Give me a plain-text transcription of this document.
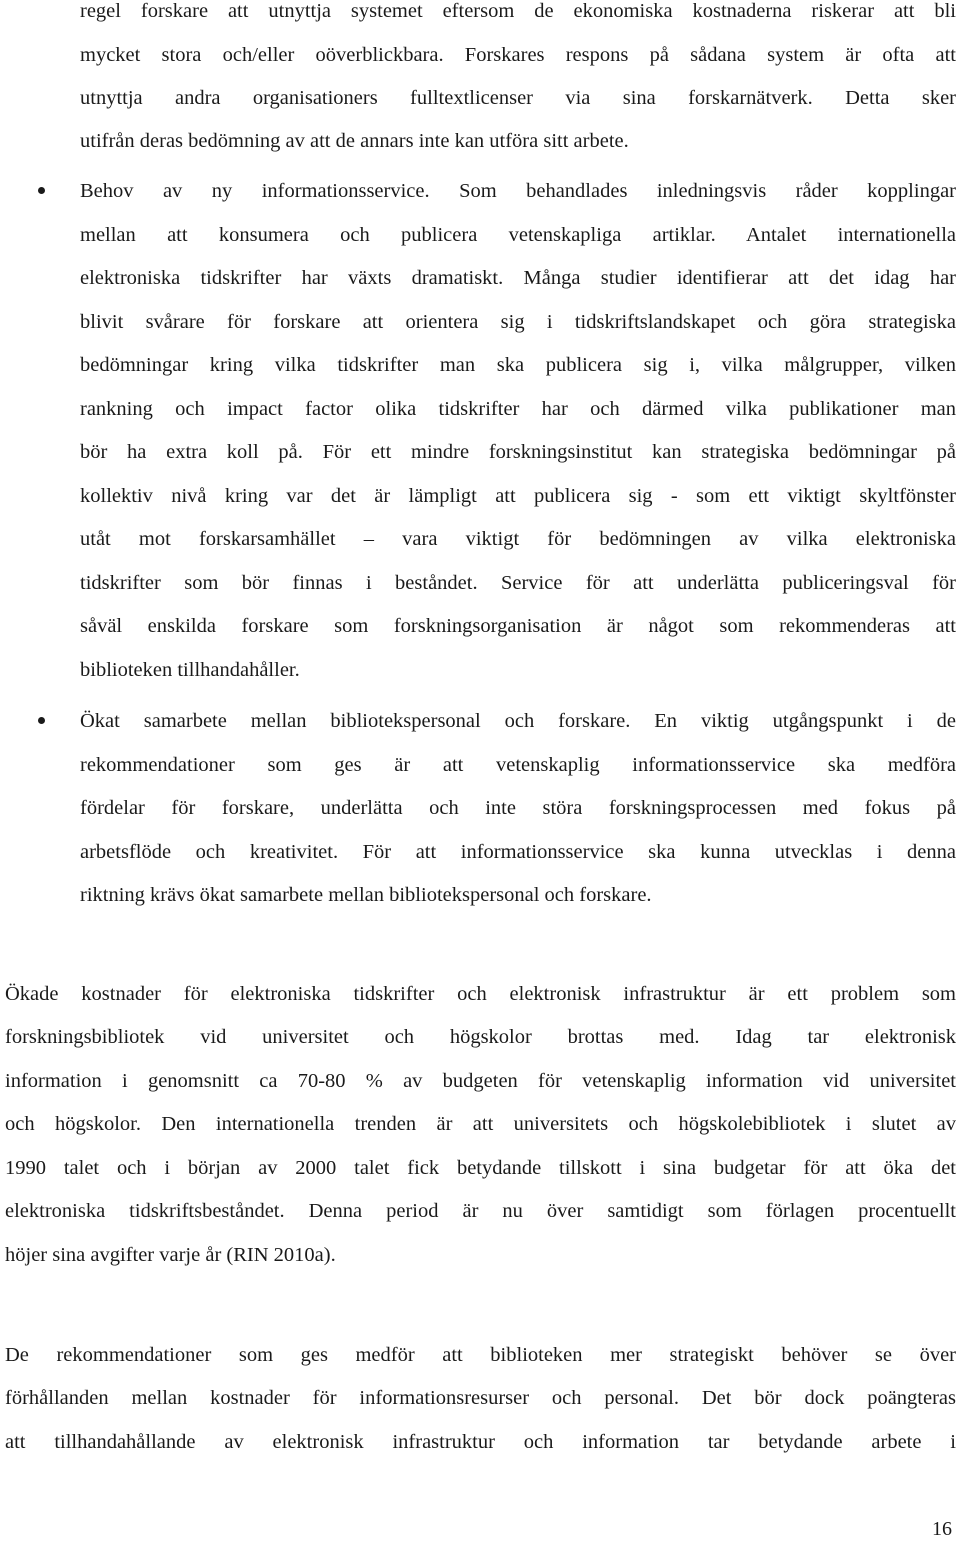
regel forskare att utnyttja systemet eftersom de ekonomiska kostnaderna riskerar att bli
mycket stora och/eller oöverblickbara. Forskares respons på sådana system är ofta att
utnyttja andra organisationers fulltextlicenser via sina forskarnätverk. Detta sker
utifrån deras bedömning av att de annars inte kan utföra sitt arbete.
Behov av ny informationsservice. Som behandlades inledningsvis råder kopplingar
mellan att konsumera och publicera vetenskapliga artiklar. Antalet internationella
elektroniska tidskrifter har växts dramatiskt. Många studier identifierar att det idag har
blivit svårare för forskare att orientera sig i tidskriftslandskapet och göra strategiska
bedömningar kring vilka tidskrifter man ska publicera sig i, vilka målgrupper, vilken
rankning och impact factor olika tidskrifter har och därmed vilka publikationer man
bör ha extra koll på. För ett mindre forskningsinstitut kan strategiska bedömningar på
kollektiv nivå kring var det är lämpligt att publicera sig - som ett viktigt skyltfönster
utåt mot forskarsamhället – vara viktigt för bedömningen av vilka elektroniska
tidskrifter som bör finnas i beståndet. Service för att underlätta publiceringsval för
såväl enskilda forskare som forskningsorganisation är något som rekommenderas att
biblioteken tillhandahåller.
Ökat samarbete mellan bibliotekspersonal och forskare. En viktig utgångspunkt i de
rekommendationer som ges är att vetenskaplig informationsservice ska medföra
fördelar för forskare, underlätta och inte störa forskningsprocessen med fokus på
arbetsflöde och kreativitet. För att informationsservice ska kunna utvecklas i denna
riktning krävs ökat samarbete mellan bibliotekspersonal och forskare.
Ökade kostnader för elektroniska tidskrifter och elektronisk infrastruktur är ett problem som
forskningsbibliotek vid universitet och högskolor brottas med. Idag tar elektronisk
information i genomsnitt ca 70-80 % av budgeten för vetenskaplig information vid universitet
och högskolor. Den internationella trenden är att universitets och högskolebibliotek i slutet av
1990 talet och i början av 2000 talet fick betydande tillskott i sina budgetar för att öka det
elektroniska tidskriftsbeståndet. Denna period är nu över samtidigt som förlagen procentuellt
höjer sina avgifter varje år (RIN 2010a).
De rekommendationer som ges medför att biblioteken mer strategiskt behöver se över
förhållanden mellan kostnader för informationsresurser och personal. Det bör dock poängteras
att tillhandahållande av elektronisk infrastruktur och information tar betydande arbete i
16
